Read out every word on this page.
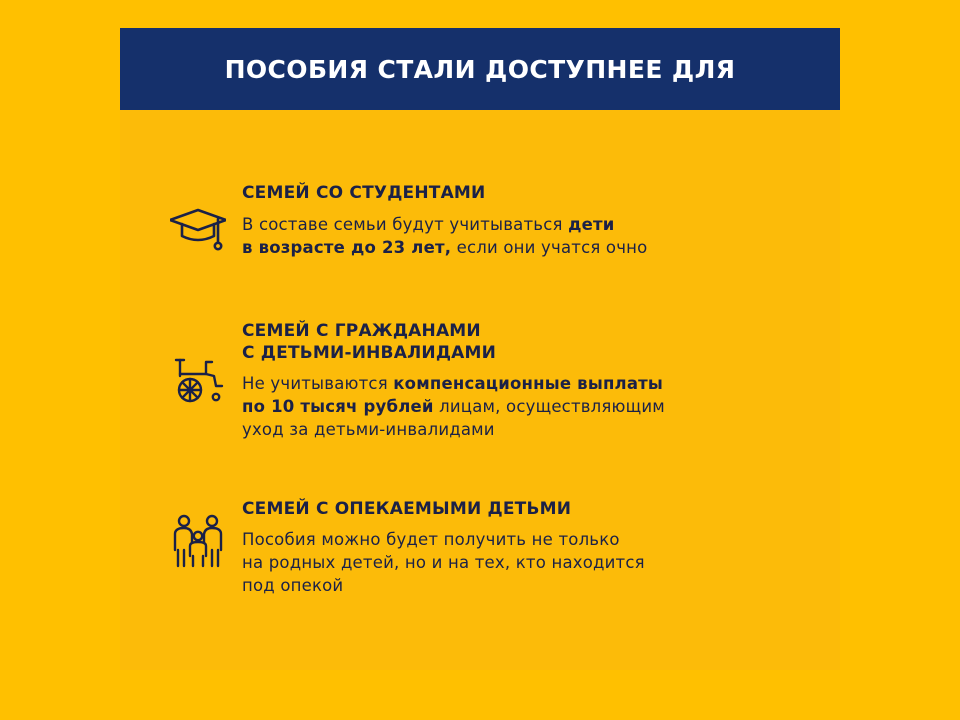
ПОСОБИЯ СТАЛИ ДОСТУПНЕЕ ДЛЯ
СЕМЕЙ СО СТУДЕНТАМИ
В составе семьи будут учитываться дети
в возрасте до 23 лет, если они учатся очно
СЕМЕЙ С ГРАЖДАНАМИ
С ДЕТЬМИ-ИНВАЛИДАМИ
Не учитываются компенсационные выплаты
по 10 тысяч рублей лицам, осуществляющим
уход за детьми-инвалидами
СЕМЕЙ С ОПЕКАЕМЫМИ ДЕТЬМИ
Пособия можно будет получить не только
на родных детей, но и на тех, кто находится
под опекой
